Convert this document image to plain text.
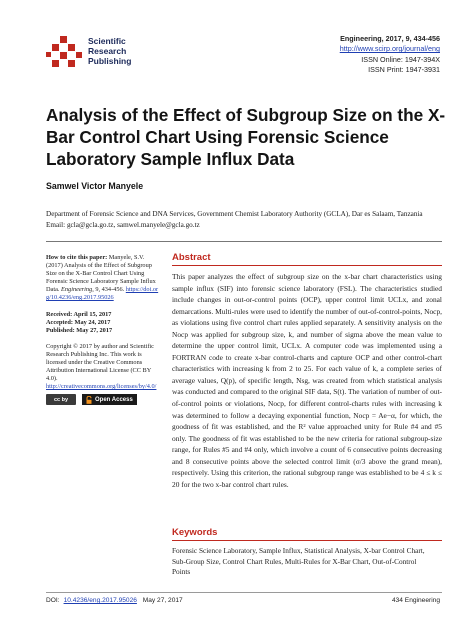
Scientific
Research
Publishing
Engineering, 2017, 9, 434-456
http://www.scirp.org/journal/eng
ISSN Online: 1947-394X
ISSN Print: 1947-3931
Analysis of the Effect of Subgroup Size on the X-Bar Control Chart Using Forensic Science Laboratory Sample Influx Data
Samwel Victor Manyele
Department of Forensic Science and DNA Services, Government Chemist Laboratory Authority (GCLA), Dar es Salaam, Tanzania
Email: gcla@gcla.go.tz, samwel.manyele@gcla.go.tz

How to cite this paper: Manyele, S.V. (2017) Analysis of the Effect of Subgroup Size on the X-Bar Control Chart Using Forensic Science Laboratory Sample Influx Data. Engineering, 9, 434-456. https://doi.org/10.4236/eng.2017.95026

Received: April 15, 2017

Accepted: May 24, 2017

Published: May 27, 2017

Copyright © 2017 by author and Scientific Research Publishing Inc. This work is licensed under the Creative Commons Attribution International License (CC BY 4.0).

http://creativecommons.org/licenses/by/4.0/

cc by	Open Access
Abstract

This paper analyzes the effect of subgroup size on the x-bar chart characteristics using sample influx (SIF) into forensic science laboratory (FSL). The characteristics studied include changes in out-or-control points (OCP), upper control limit UCLx, and zonal demarcations. Multi-rules were used to identify the number of out-of-control-points, Nocp, as violations using five control chart rules applied separately. A sensitivity analysis on the Nocp was applied for subgroup size, k, and number of sigma above the mean value to determine the upper control limit, UCLx. A computer code was implemented using a FORTRAN code to create x-bar control-charts and capture OCP and other control-chart characteristics with increasing k from 2 to 25. For each value of k, a complete series of average values, Q(p), of specific length, Nsg, was created from which statistical analysis was conducted and compared to the original SIF data, S(t). The variation of number of out-of-control points or violations, Nocp, for different control-charts rules with increasing k was determined to follow a decaying exponential function, Nocp = Ae−α, for which, the goodness of fit was established, and the R² value approached unity for Rule #4 and #5 only. The goodness of fit was established to be the new criteria for rational subgroup-size range, for Rules #5 and #4 only, which involve a count of 6 consecutive points decreasing and 8 consecutive points above the selected control limit (σ/3 above the grand mean), respectively. Using this criterion, the rational subgroup range was established to be 4 ≤ k ≤ 20 for the two x-bar control chart rules.

Keywords
Forensic Science Laboratory, Sample Influx, Statistical Analysis, X-bar Control Chart, Sub-Group Size, Control Chart Rules, Multi-Rules for X-Bar Chart, Out-of-Control Points
DOI: 10.4236/eng.2017.95026 May 27, 2017	434 Engineering
